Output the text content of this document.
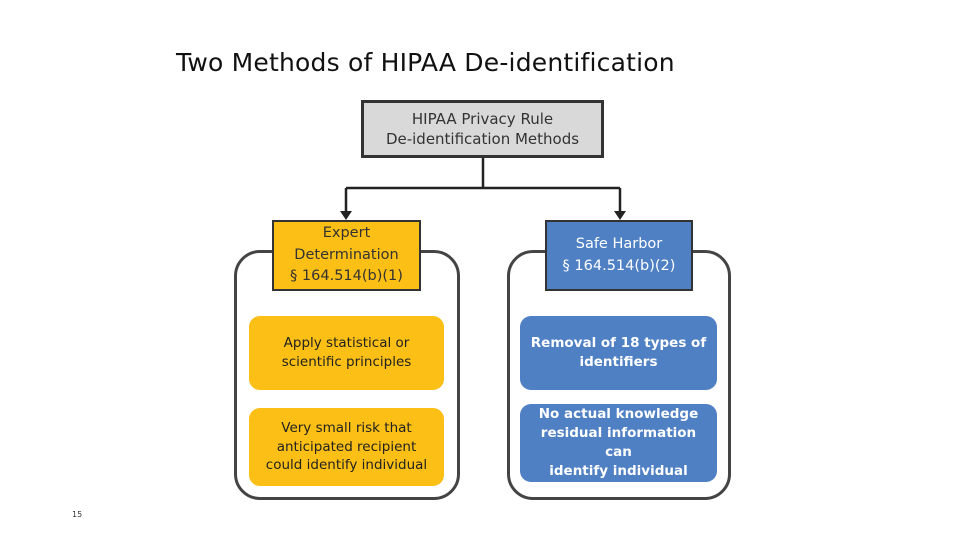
Two Methods of HIPAA De-identification
HIPAA Privacy Rule
De-identification Methods
Expert
Determination
§ 164.514(b)(1)
Safe Harbor
§ 164.514(b)(2)
Apply statistical or
scientific principles
Very small risk that
anticipated recipient
could identify individual
Removal of 18 types of
identifiers
No actual knowledge
residual information can
identify individual
15
